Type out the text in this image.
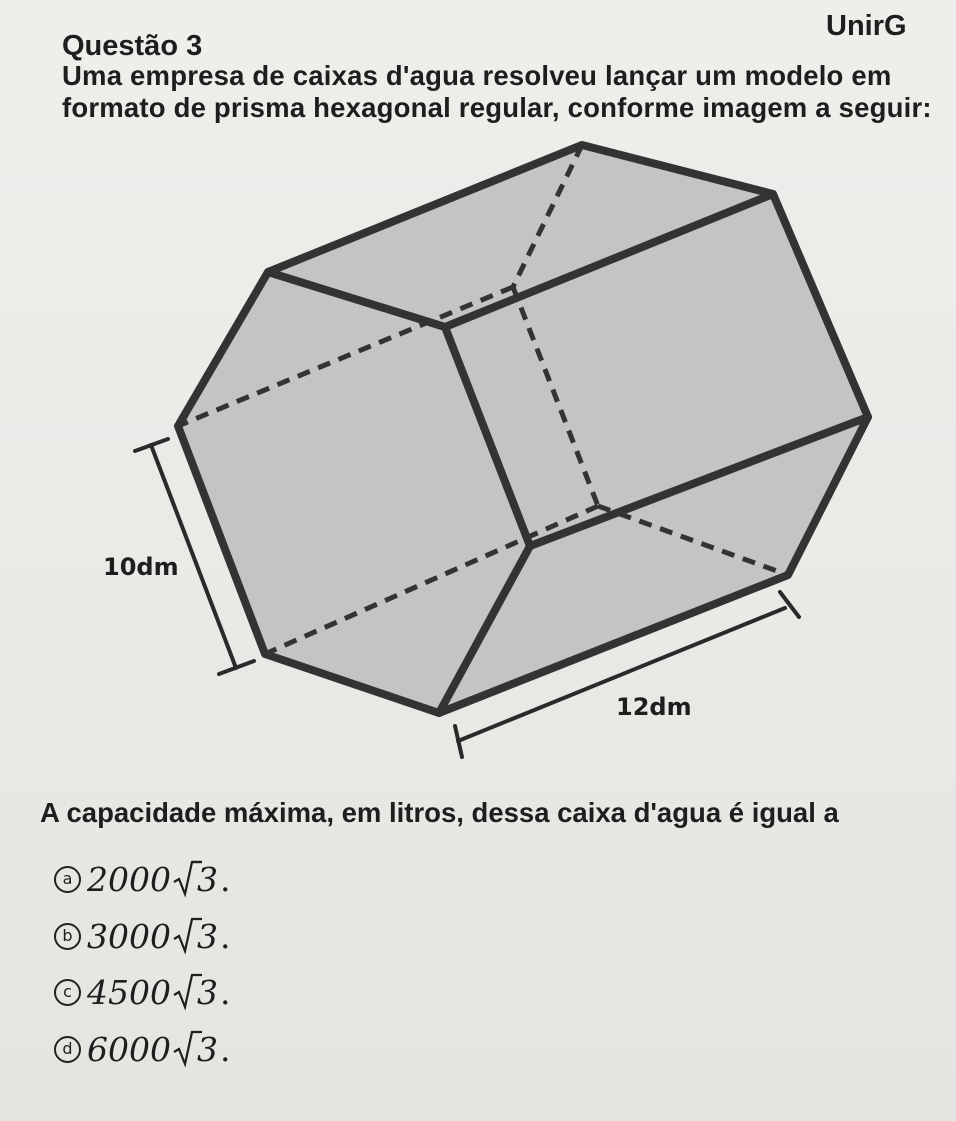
UnirG
Questão 3
Uma empresa de caixas d'agua resolveu lançar um modelo em
formato de prisma hexagonal regular, conforme imagem a seguir:
10dm
12dm
A capacidade máxima, em litros, dessa caixa d'agua é igual a
a 2000 3 .
b 3000 3 .
c 4500 3 .
d 6000 3 .
